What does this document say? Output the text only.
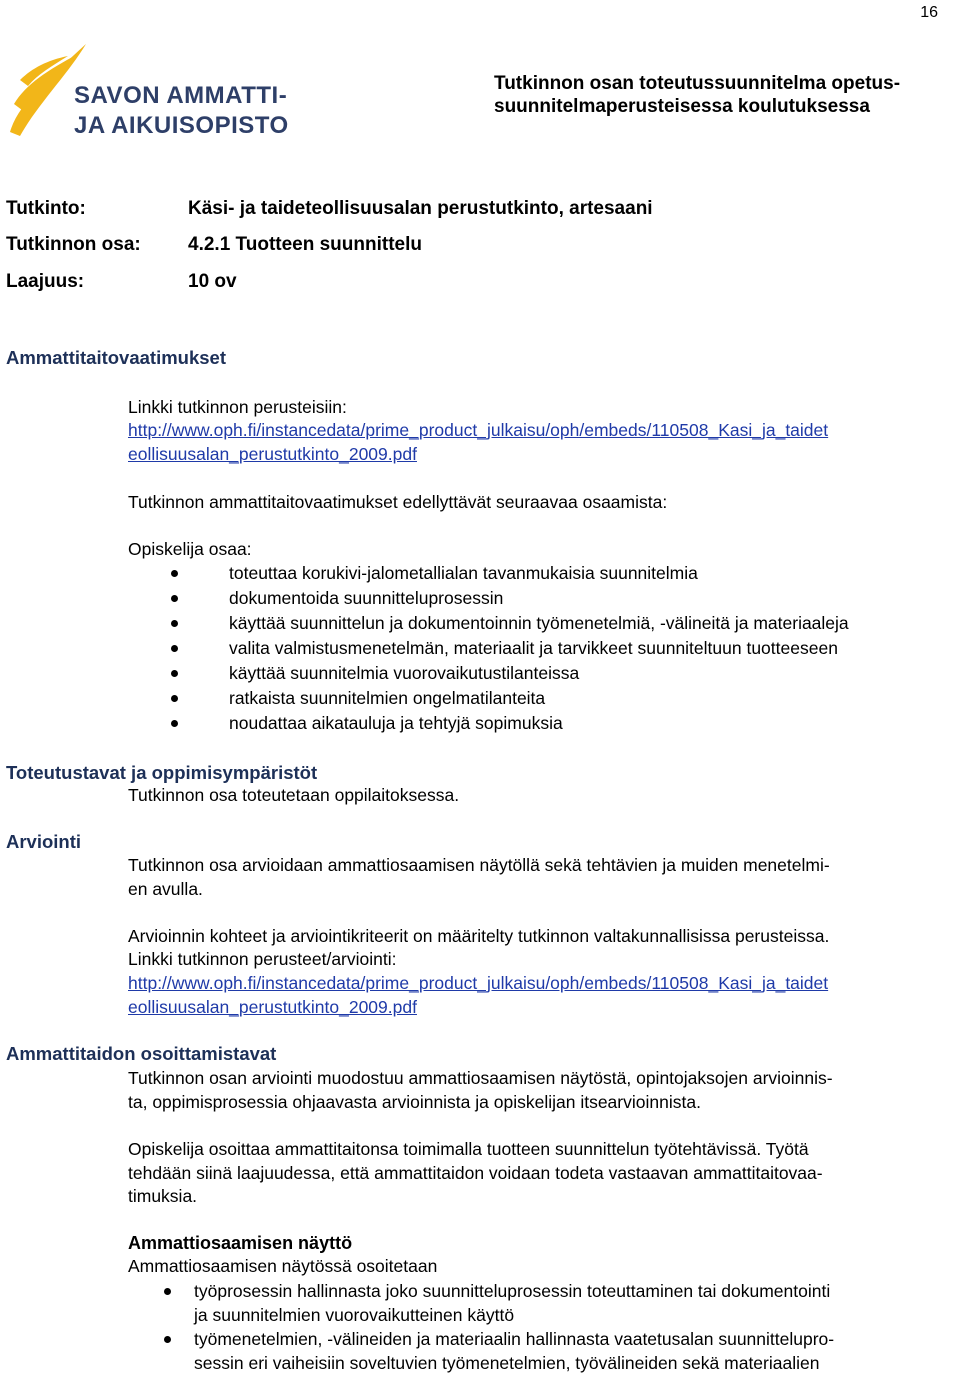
16
SAVON AMMATTI-
JA AIKUISOPISTO
Tutkinnon osan toteutussuunnitelma opetus-
suunnitelmaperusteisessa koulutuksessa
Tutkinto:	Käsi- ja taideteollisuusalan perustutkinto, artesaani
Tutkinnon osa: 4.2.1 Tuotteen suunnittelu
Laajuus:	10 ov
Ammattitaitovaatimukset
Linkki tutkinnon perusteisiin:
http://www.oph.fi/instancedata/prime_product_julkaisu/oph/embeds/110508_Kasi_ja_taidet
eollisuusalan_perustutkinto_2009.pdf
Tutkinnon ammattitaitovaatimukset edellyttävät seuraavaa osaamista:
Opiskelija osaa:
toteuttaa korukivi-jalometallialan tavanmukaisia suunnitelmia
dokumentoida suunnitteluprosessin
käyttää suunnittelun ja dokumentoinnin työmenetelmiä, -välineitä ja materiaaleja
valita valmistusmenetelmän, materiaalit ja tarvikkeet suunniteltuun tuotteeseen
käyttää suunnitelmia vuorovaikutustilanteissa
ratkaista suunnitelmien ongelmatilanteita
noudattaa aikatauluja ja tehtyjä sopimuksia
Toteutustavat ja oppimisympäristöt
Tutkinnon osa toteutetaan oppilaitoksessa.
Arviointi
Tutkinnon osa arvioidaan ammattiosaamisen näytöllä sekä tehtävien ja muiden menetelmi-
en avulla.
Arvioinnin kohteet ja arviointikriteerit on määritelty tutkinnon valtakunnallisissa perusteissa.
Linkki tutkinnon perusteet/arviointi:
http://www.oph.fi/instancedata/prime_product_julkaisu/oph/embeds/110508_Kasi_ja_taidet
eollisuusalan_perustutkinto_2009.pdf
Ammattitaidon osoittamistavat
Tutkinnon osan arviointi muodostuu ammattiosaamisen näytöstä, opintojaksojen arvioinnis-
ta, oppimisprosessia ohjaavasta arvioinnista ja opiskelijan itsearvioinnista.
Opiskelija osoittaa ammattitaitonsa toimimalla tuotteen suunnittelun työtehtävissä. Työtä
tehdään siinä laajuudessa, että ammattitaidon voidaan todeta vastaavan ammattitaitovaa-
timuksia.
Ammattiosaamisen näyttö
Ammattiosaamisen näytössä osoitetaan
työprosessin hallinnasta joko suunnitteluprosessin toteuttaminen tai dokumentointi
ja suunnitelmien vuorovaikutteinen käyttö
työmenetelmien, -välineiden ja materiaalin hallinnasta vaatetusalan suunnittelupro-
sessin eri vaiheisiin soveltuvien työmenetelmien, työvälineiden sekä materiaalien
